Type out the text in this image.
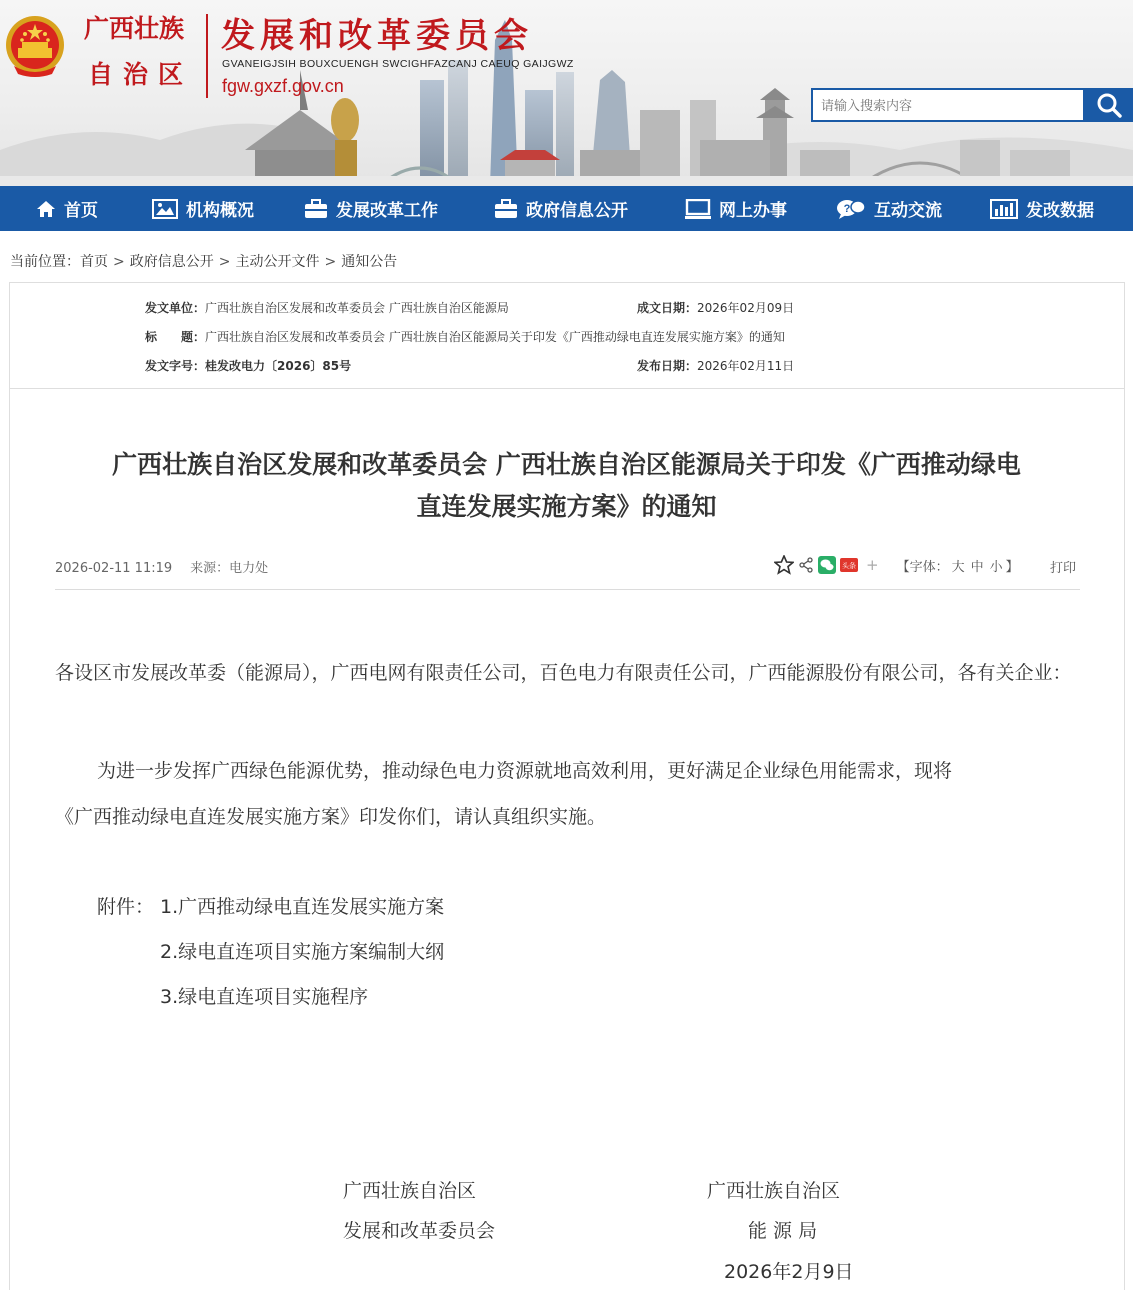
广西壮族
自治区
发展和改革委员会
GVANEIGJSIH BOUXCUENGH SWCIGHFAZCANJ CAEUQ GAIJGWZ
fgw.gxzf.gov.cn
请输入搜索内容
首页	机构概况	发展改革工作	政府信息公开	网上办事	? 互动交流	发改数据
当前位置：首页 > 政府信息公开 > 主动公开文件 > 通知公告
发文单位：广西壮族自治区发展和改革委员会 广西壮族自治区能源局	成文日期：2026年02月09日
标　　题：广西壮族自治区发展和改革委员会 广西壮族自治区能源局关于印发《广西推动绿电直连发展实施方案》的通知
发文字号：桂发改电力〔2026〕85号	发布日期：2026年02月11日
广西壮族自治区发展和改革委员会 广西壮族自治区能源局关于印发《广西推动绿电
直连发展实施方案》的通知
2026-02-11 11:19 来源：电力处	头条 + 【字体： 大 中 小 】 打印
各设区市发展改革委（能源局），广西电网有限责任公司，百色电力有限责任公司，广西能源股份有限公司，各有关企业：
为进一步发挥广西绿色能源优势，推动绿色电力资源就地高效利用，更好满足企业绿色用能需求，现将

《广西推动绿电直连发展实施方案》印发你们，请认真组织实施。
附件： 1.广西推动绿电直连发展实施方案
2.绿电直连项目实施方案编制大纲
3.绿电直连项目实施程序
广西壮族自治区
发展和改革委员会
广西壮族自治区
能 源 局
2026年2月9日
